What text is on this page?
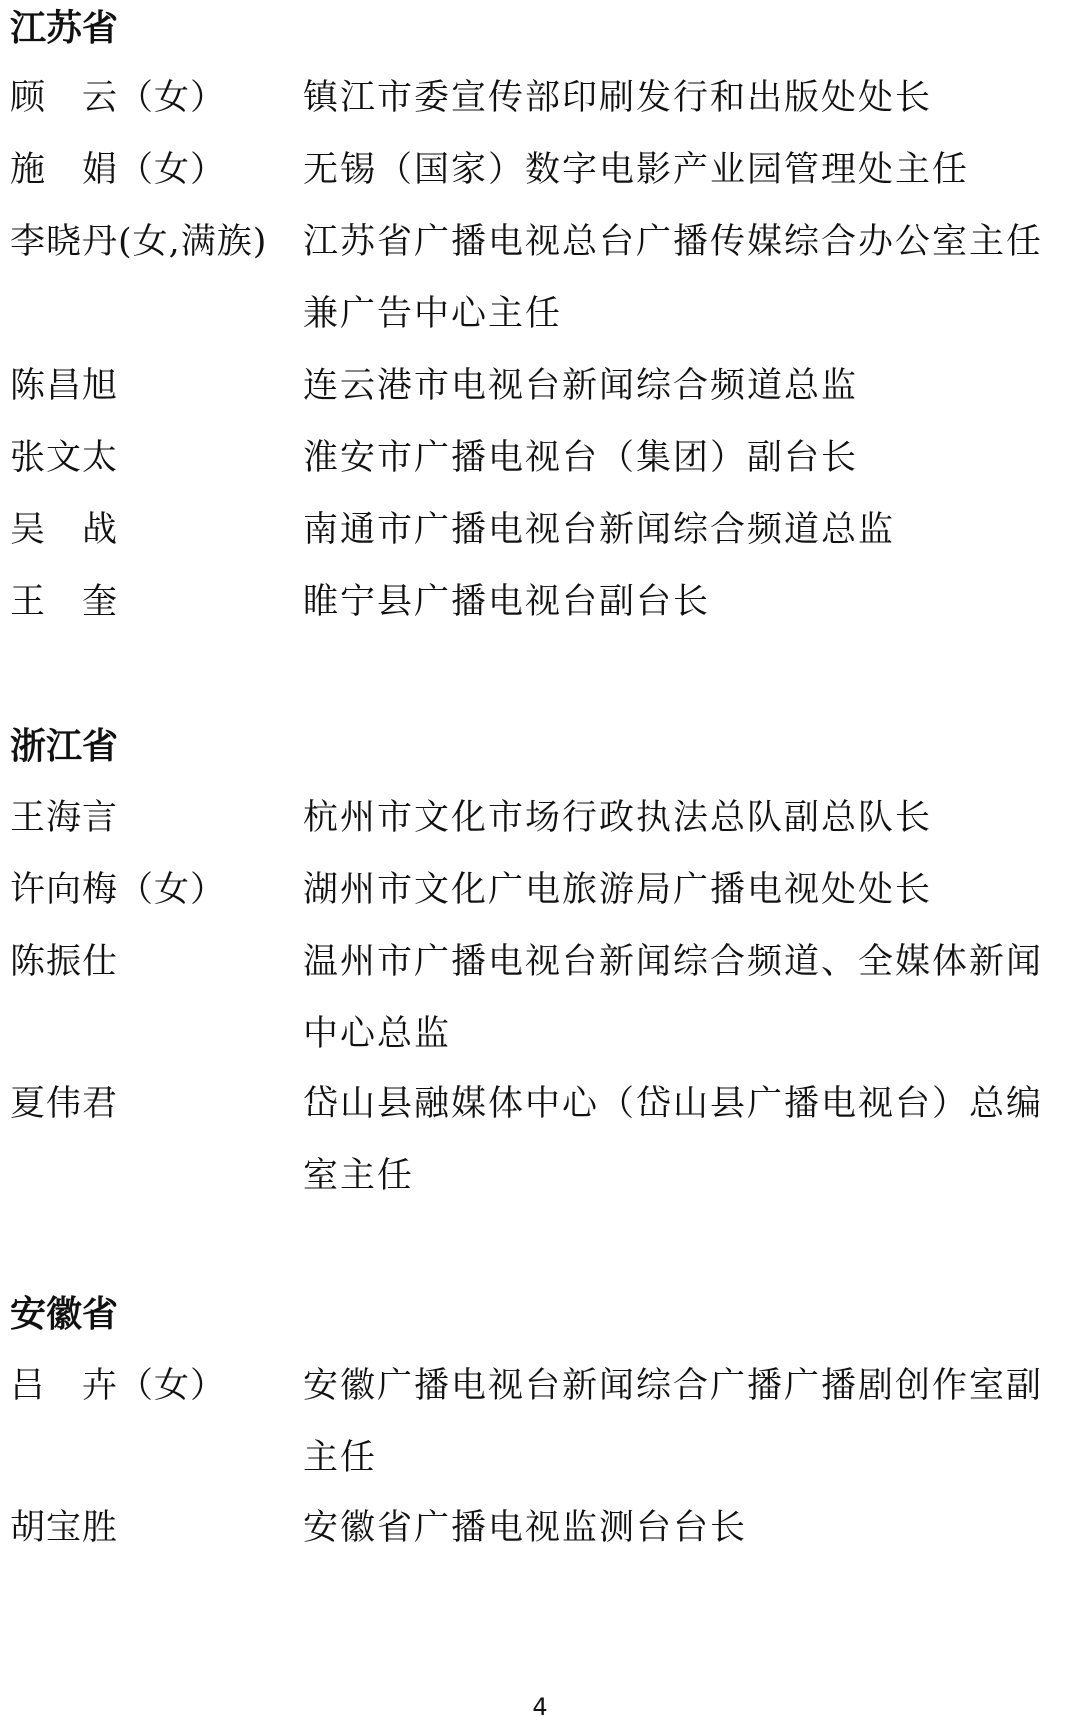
江苏省
顾　云（女） 镇江市委宣传部印刷发行和出版处处长
施　娟（女） 无锡（国家）数字电影产业园管理处主任
李晓丹(女,满族) 江苏省广播电视总台广播传媒综合办公室主任兼广告中心主任
陈昌旭	连云港市电视台新闻综合频道总监
张文太	淮安市广播电视台（集团）副台长
吴　战	南通市广播电视台新闻综合频道总监
王　奎	睢宁县广播电视台副台长
浙江省
王海言	杭州市文化市场行政执法总队副总队长
许向梅（女） 湖州市文化广电旅游局广播电视处处长
陈振仕	温州市广播电视台新闻综合频道、全媒体新闻中心总监
夏伟君	岱山县融媒体中心（岱山县广播电视台）总编室主任
安徽省
吕　卉（女） 安徽广播电视台新闻综合广播广播剧创作室副主任
胡宝胜	安徽省广播电视监测台台长
4
